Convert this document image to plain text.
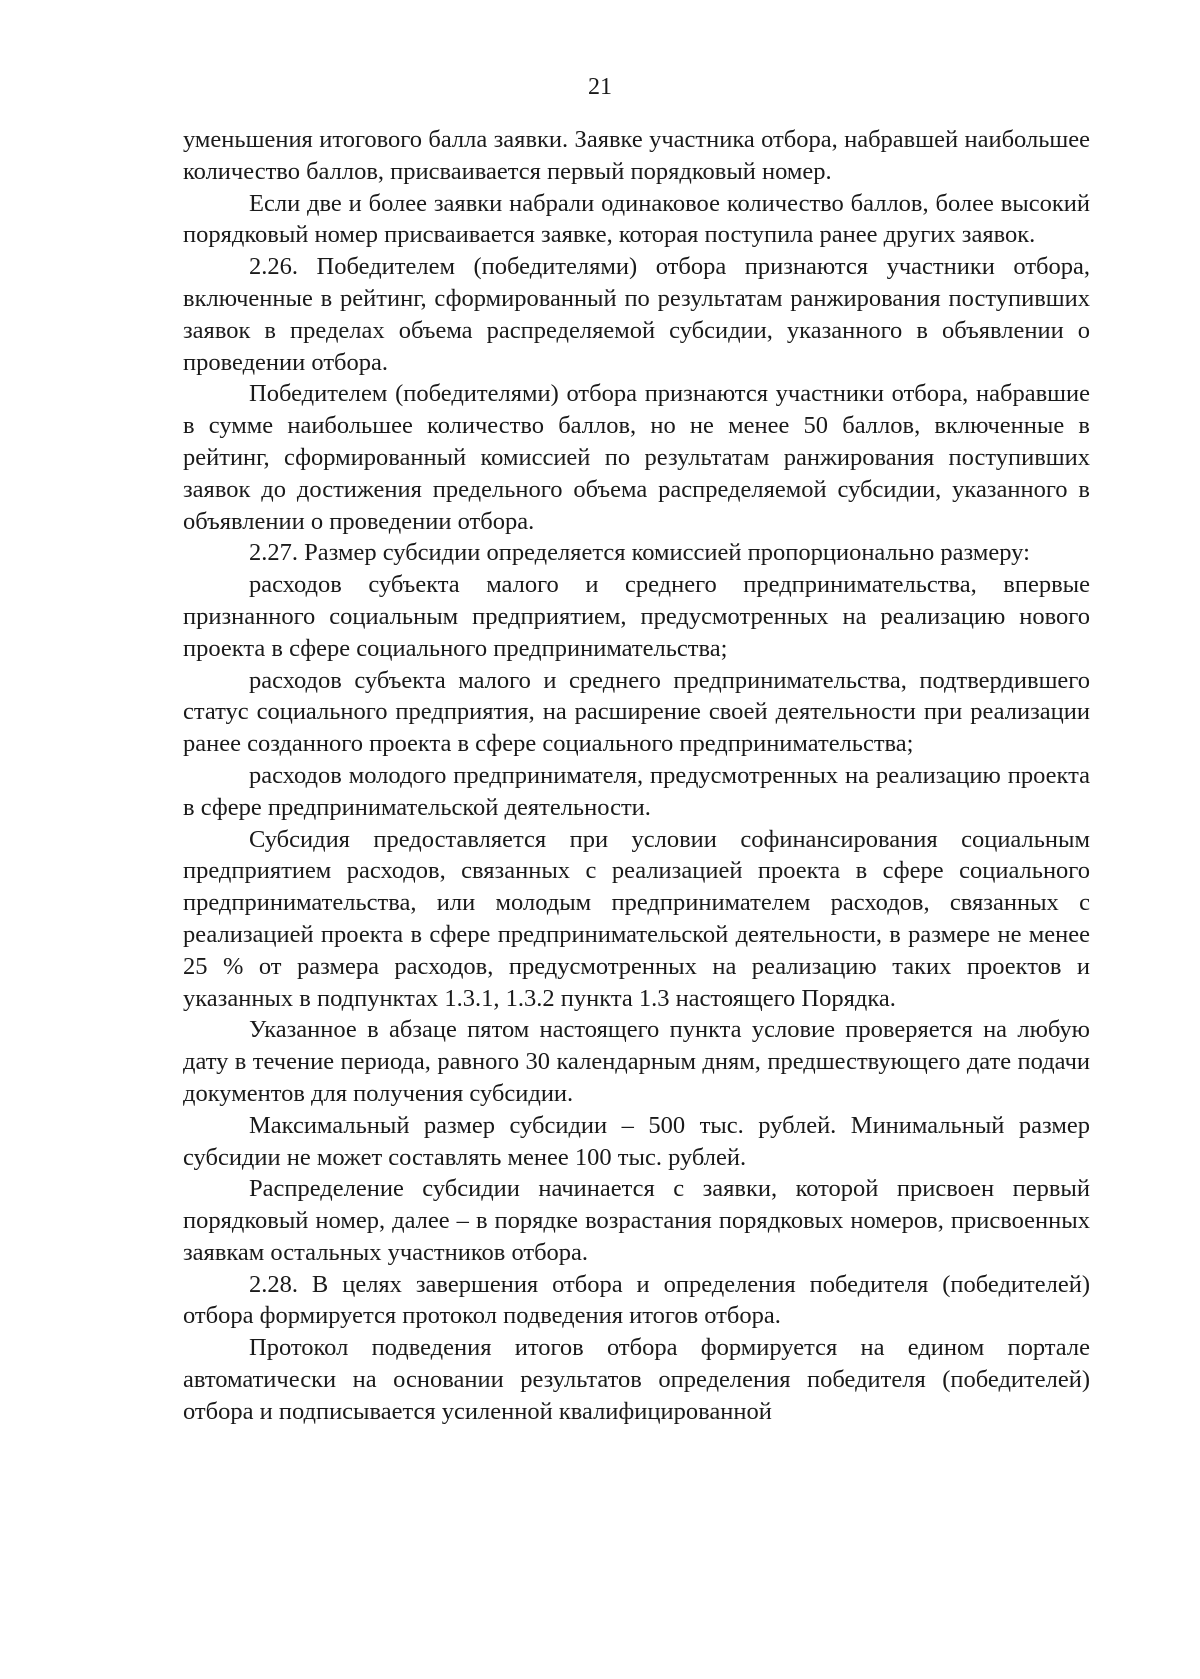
21

уменьшения итогового балла заявки. Заявке участника отбора, набравшей наибольшее количество баллов, присваивается первый порядковый номер.

Если две и более заявки набрали одинаковое количество баллов, более высокий порядковый номер присваивается заявке, которая поступила ранее других заявок.

2.26. Победителем (победителями) отбора признаются участники отбора, включенные в рейтинг, сформированный по результатам ранжирования поступивших заявок в пределах объема распределяемой субсидии, указанного в объявлении о проведении отбора.

Победителем (победителями) отбора признаются участники отбора, набравшие в сумме наибольшее количество баллов, но не менее 50 баллов, включенные в рейтинг, сформированный комиссией по результатам ранжирования поступивших заявок до достижения предельного объема распределяемой субсидии, указанного в объявлении о проведении отбора.

2.27. Размер субсидии определяется комиссией пропорционально размеру:

расходов субъекта малого и среднего предпринимательства, впервые признанного социальным предприятием, предусмотренных на реализацию нового проекта в сфере социального предпринимательства;

расходов субъекта малого и среднего предпринимательства, подтвердившего статус социального предприятия, на расширение своей деятельности при реализации ранее созданного проекта в сфере социального предпринимательства;

расходов молодого предпринимателя, предусмотренных на реализацию проекта в сфере предпринимательской деятельности.

Субсидия предоставляется при условии софинансирования социальным предприятием расходов, связанных с реализацией проекта в сфере социального предпринимательства, или молодым предпринимателем расходов, связанных с реализацией проекта в сфере предпринимательской деятельности, в размере не менее 25 % от размера расходов, предусмотренных на реализацию таких проектов и указанных в подпунктах 1.3.1, 1.3.2 пункта 1.3 настоящего Порядка.

Указанное в абзаце пятом настоящего пункта условие проверяется на любую дату в течение периода, равного 30 календарным дням, предшествующего дате подачи документов для получения субсидии.

Максимальный размер субсидии – 500 тыс. рублей. Минимальный размер субсидии не может составлять менее 100 тыс. рублей.

Распределение субсидии начинается с заявки, которой присвоен первый порядковый номер, далее – в порядке возрастания порядковых номеров, присвоенных заявкам остальных участников отбора.

2.28. В целях завершения отбора и определения победителя (победителей) отбора формируется протокол подведения итогов отбора.

Протокол подведения итогов отбора формируется на едином портале автоматически на основании результатов определения победителя (победителей) отбора и подписывается усиленной квалифицированной
